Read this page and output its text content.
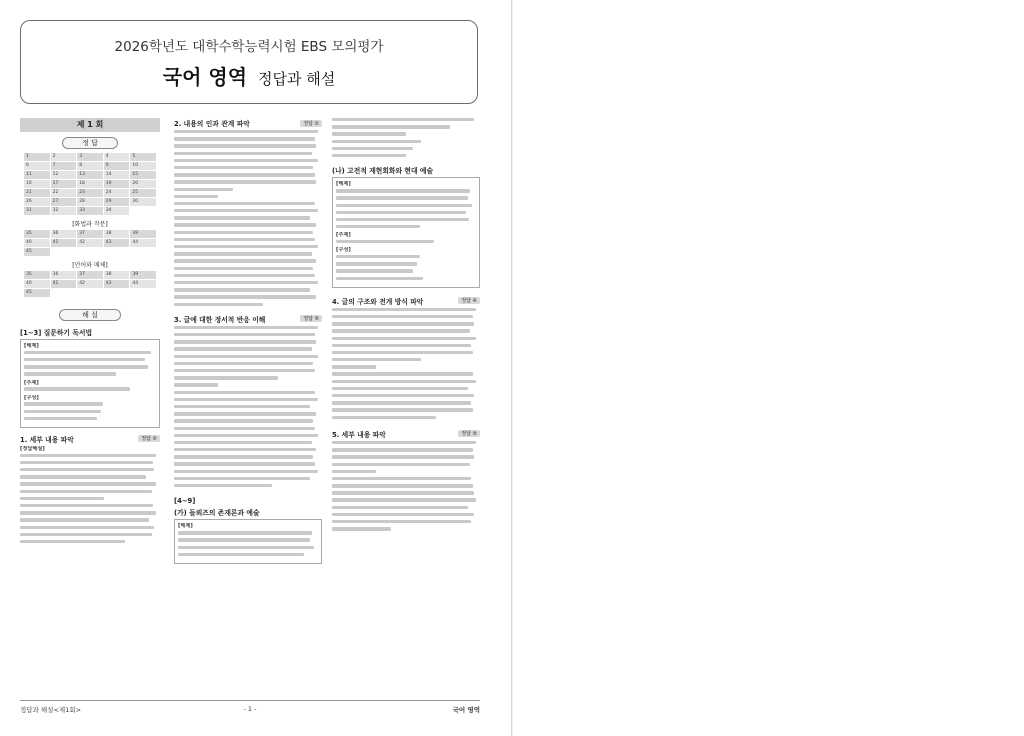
2026학년도 대학수학능력시험 EBS 모의평가
국어 영역 정답과 해설
제 1 회
정 답
1	2	3	4	5
6	7	8	9	10
11	12	13	14	15
16	17	18	19	20
21	22	23	24	25
26	27	28	29	30
31	32	33	34
[화법과 작문]
35	36	37	38	39
40	41	42	43	44
45
[언어와 매체]
35	36	37	38	39
40	41	42	43	44
45
해 설
[1~3] 질문하기 독서법
[해제]
[주제]
[구성]
1. 세부 내용 파악	정답 ②
[정답해설]
2. 내용의 인과 관계 파악	정답 ②
3. 글에 대한 정서적 반응 이해	정답 ⑤
[4~9]
(가) 들뢰즈의 존재론과 예술
[해제]
(나) 고전적 재현회화와 현대 예술
[해제]
[주제]
[구성]
4. 글의 구조와 전개 방식 파악	정답 ④
5. 세부 내용 파악	정답 ⑤
정답과 해설<제1회>	- 1 -	국어 영역
